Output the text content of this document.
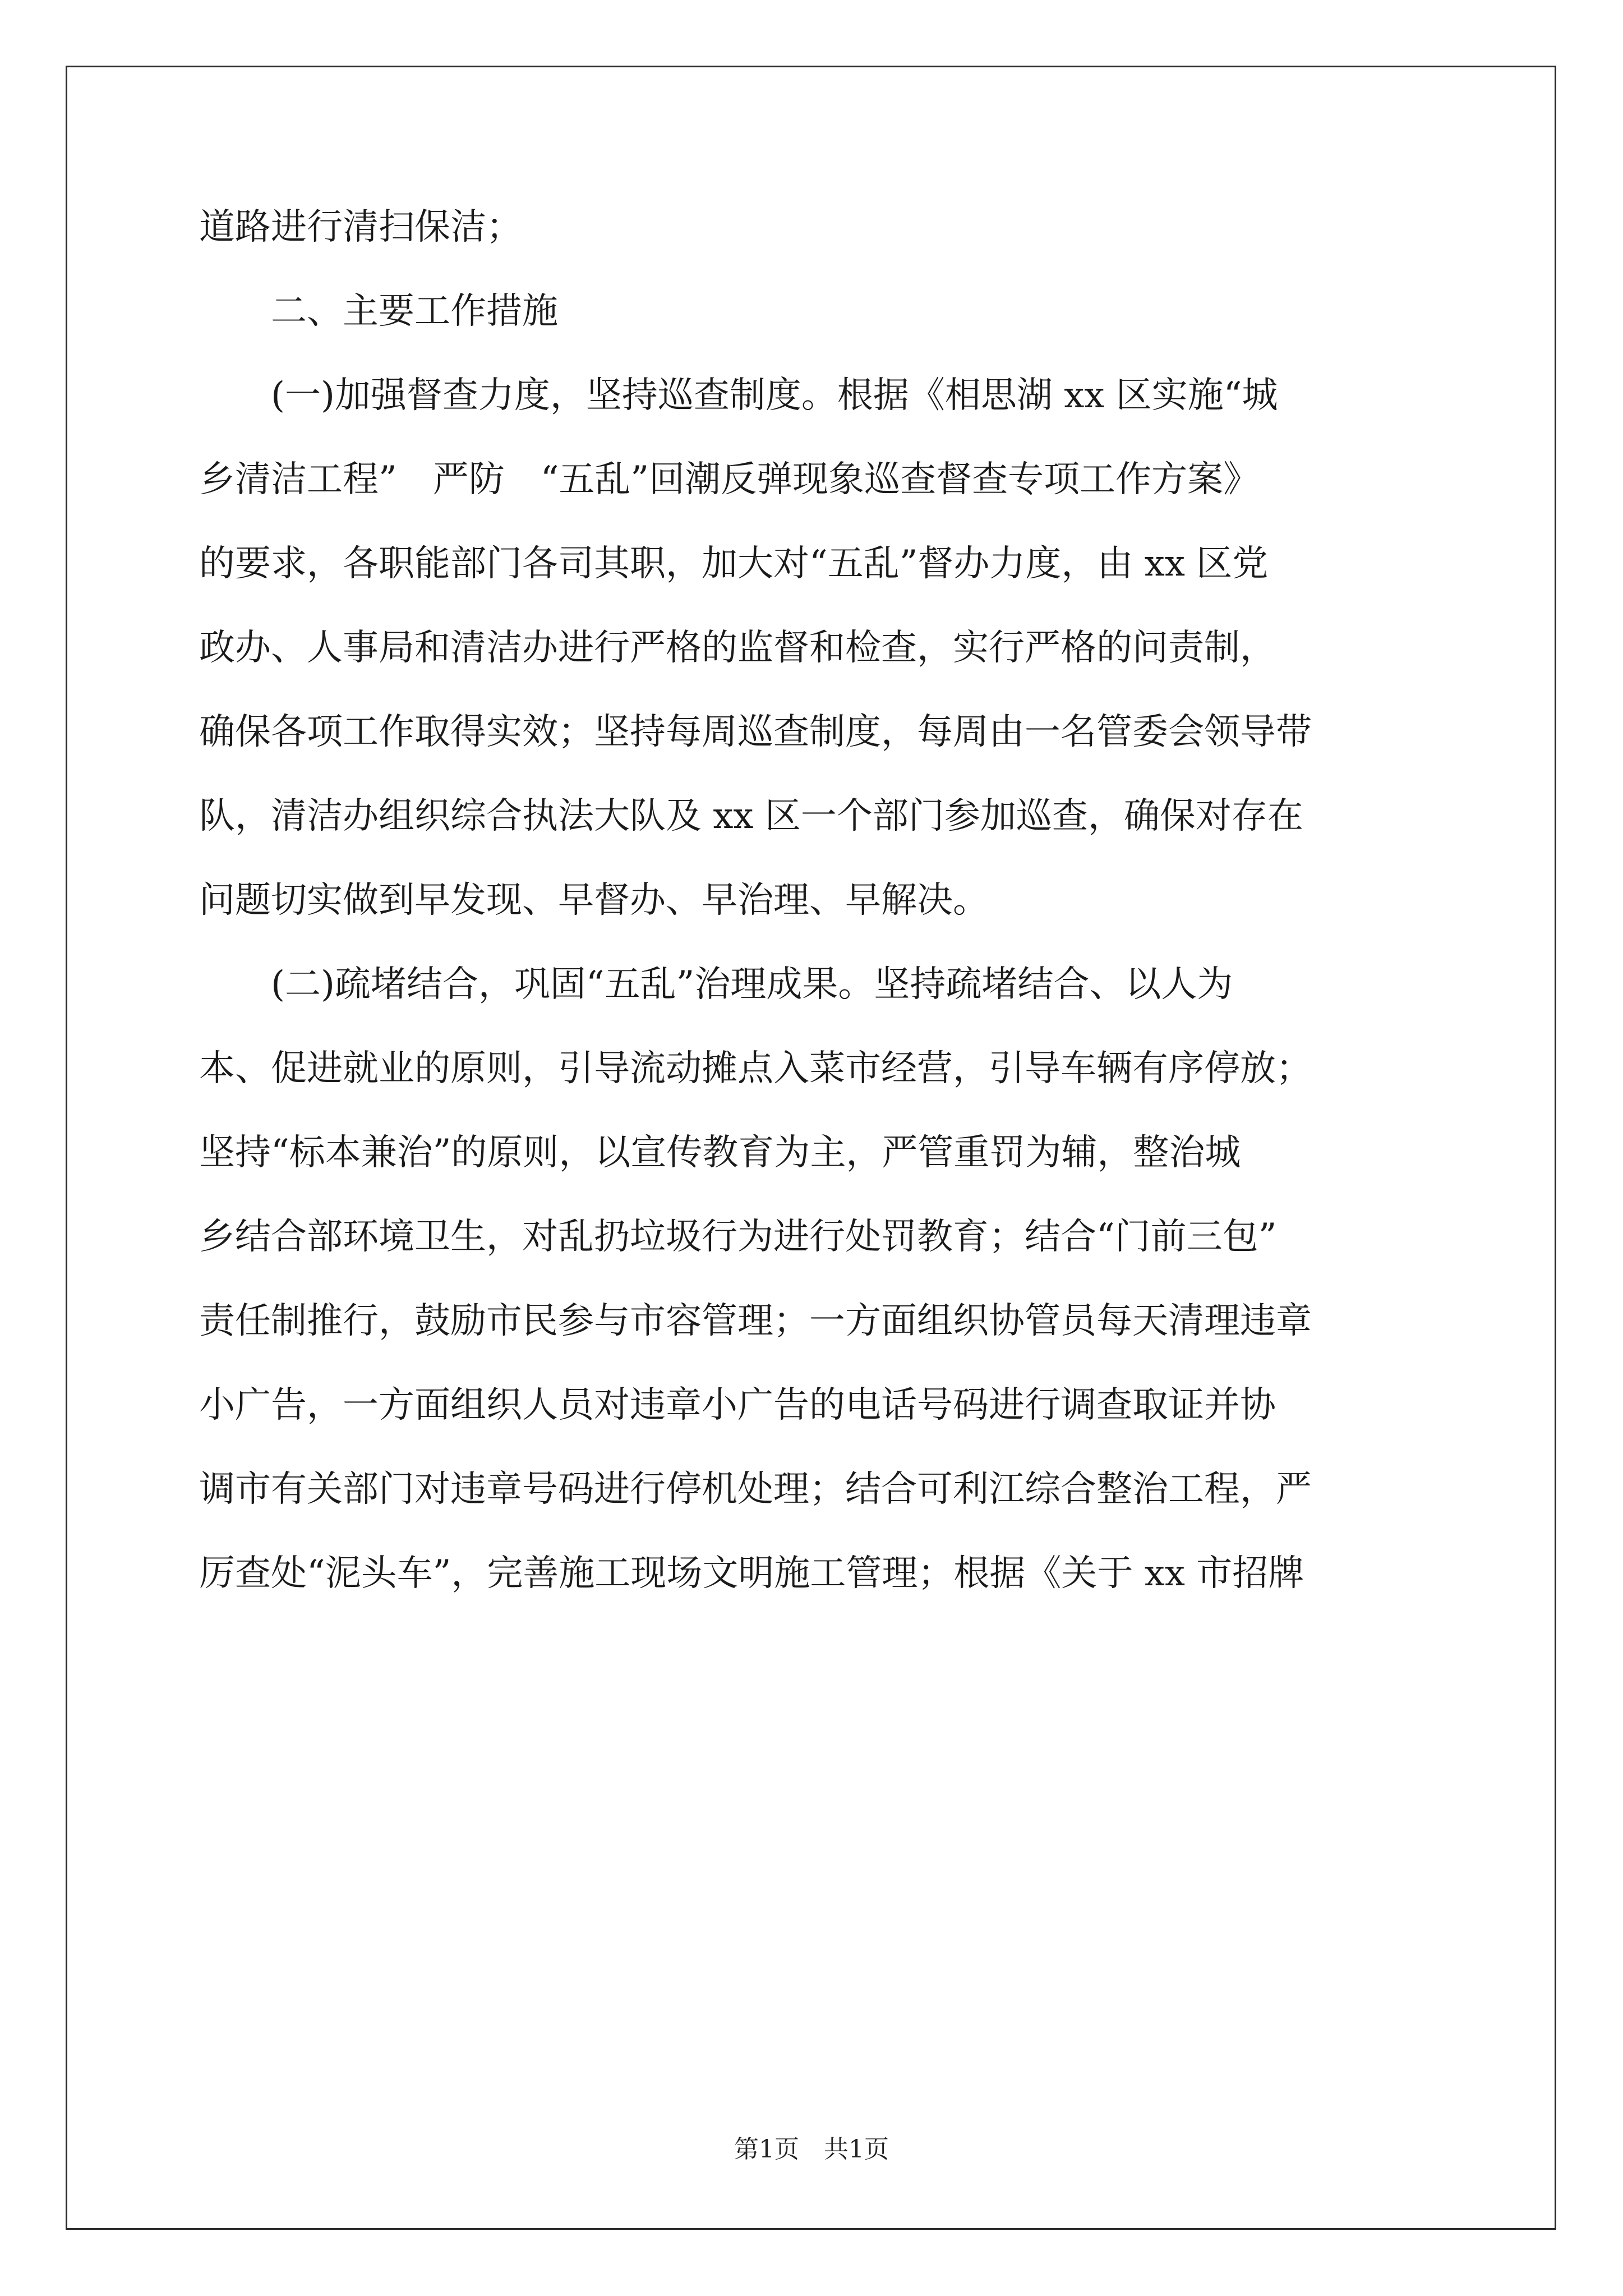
道路进行清扫保洁；
　　二、主要工作措施
　　(一)加强督查力度，坚持巡查制度。根据《相思湖 xx 区实施“城
乡清洁工程”　严防　“五乱”回潮反弹现象巡查督查专项工作方案》
的要求，各职能部门各司其职，加大对“五乱”督办力度，由 xx 区党
政办、人事局和清洁办进行严格的监督和检查，实行严格的问责制，
确保各项工作取得实效；坚持每周巡查制度，每周由一名管委会领导带
队，清洁办组织综合执法大队及 xx 区一个部门参加巡查，确保对存在
问题切实做到早发现、早督办、早治理、早解决。
　　(二)疏堵结合，巩固“五乱”治理成果。坚持疏堵结合、以人为
本、促进就业的原则，引导流动摊点入菜市经营，引导车辆有序停放；
坚持“标本兼治”的原则，以宣传教育为主，严管重罚为辅，整治城
乡结合部环境卫生，对乱扔垃圾行为进行处罚教育；结合“门前三包”
责任制推行，鼓励市民参与市容管理；一方面组织协管员每天清理违章
小广告，一方面组织人员对违章小广告的电话号码进行调查取证并协
调市有关部门对违章号码进行停机处理；结合可利江综合整治工程，严
厉查处“泥头车”，完善施工现场文明施工管理；根据《关于 xx 市招牌
第1页　共1页
